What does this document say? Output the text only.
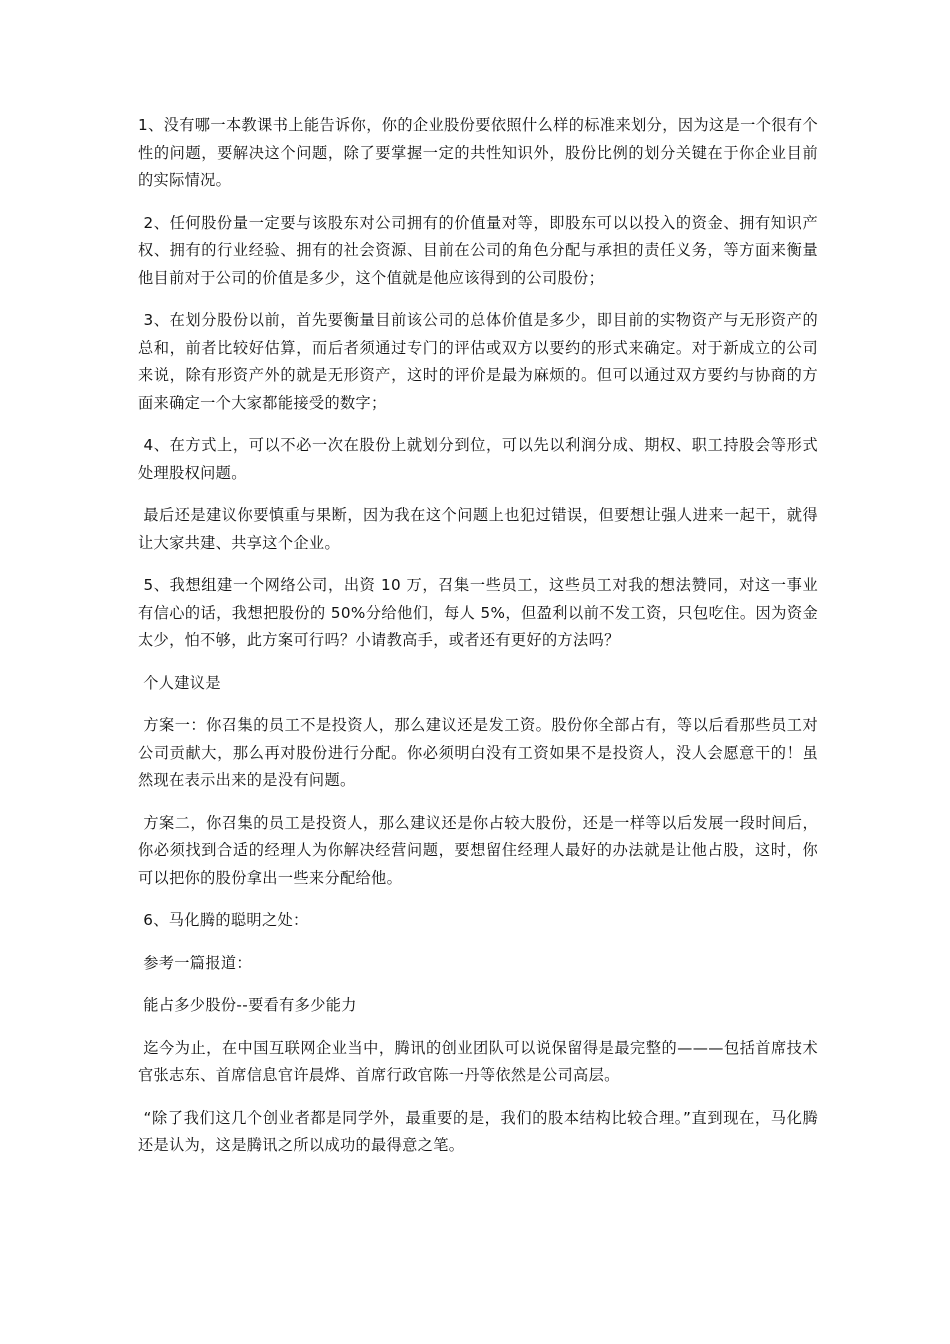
1、没有哪一本教课书上能告诉你，你的企业股份要依照什么样的标准来划分，因为这是一个很有个性的问题，要解决这个问题，除了要掌握一定的共性知识外，股份比例的划分关键在于你企业目前的实际情况。

2、任何股份量一定要与该股东对公司拥有的价值量对等，即股东可以以投入的资金、拥有知识产权、拥有的行业经验、拥有的社会资源、目前在公司的角色分配与承担的责任义务，等方面来衡量他目前对于公司的价值是多少，这个值就是他应该得到的公司股份；

3、在划分股份以前，首先要衡量目前该公司的总体价值是多少，即目前的实物资产与无形资产的总和，前者比较好估算，而后者须通过专门的评估或双方以要约的形式来确定。对于新成立的公司来说，除有形资产外的就是无形资产，这时的评价是最为麻烦的。但可以通过双方要约与协商的方面来确定一个大家都能接受的数字；

4、在方式上，可以不必一次在股份上就划分到位，可以先以利润分成、期权、职工持股会等形式处理股权问题。

最后还是建议你要慎重与果断，因为我在这个问题上也犯过错误，但要想让强人进来一起干，就得让大家共建、共享这个企业。

5、我想组建一个网络公司，出资 10 万，召集一些员工，这些员工对我的想法赞同，对这一事业有信心的话，我想把股份的 50%分给他们，每人 5%，但盈利以前不发工资，只包吃住。因为资金太少，怕不够，此方案可行吗？小请教高手，或者还有更好的方法吗？

个人建议是

方案一：你召集的员工不是投资人，那么建议还是发工资。股份你全部占有，等以后看那些员工对公司贡献大，那么再对股份进行分配。你必须明白没有工资如果不是投资人，没人会愿意干的！虽然现在表示出来的是没有问题。

方案二，你召集的员工是投资人，那么建议还是你占较大股份，还是一样等以后发展一段时间后，你必须找到合适的经理人为你解决经营问题，要想留住经理人最好的办法就是让他占股，这时，你可以把你的股份拿出一些来分配给他。

6、马化腾的聪明之处：

参考一篇报道：

能占多少股份--要看有多少能力

迄今为止，在中国互联网企业当中，腾讯的创业团队可以说保留得是最完整的———包括首席技术官张志东、首席信息官许晨烨、首席行政官陈一丹等依然是公司高层。

“除了我们这几个创业者都是同学外，最重要的是，我们的股本结构比较合理。”直到现在，马化腾还是认为，这是腾讯之所以成功的最得意之笔。
